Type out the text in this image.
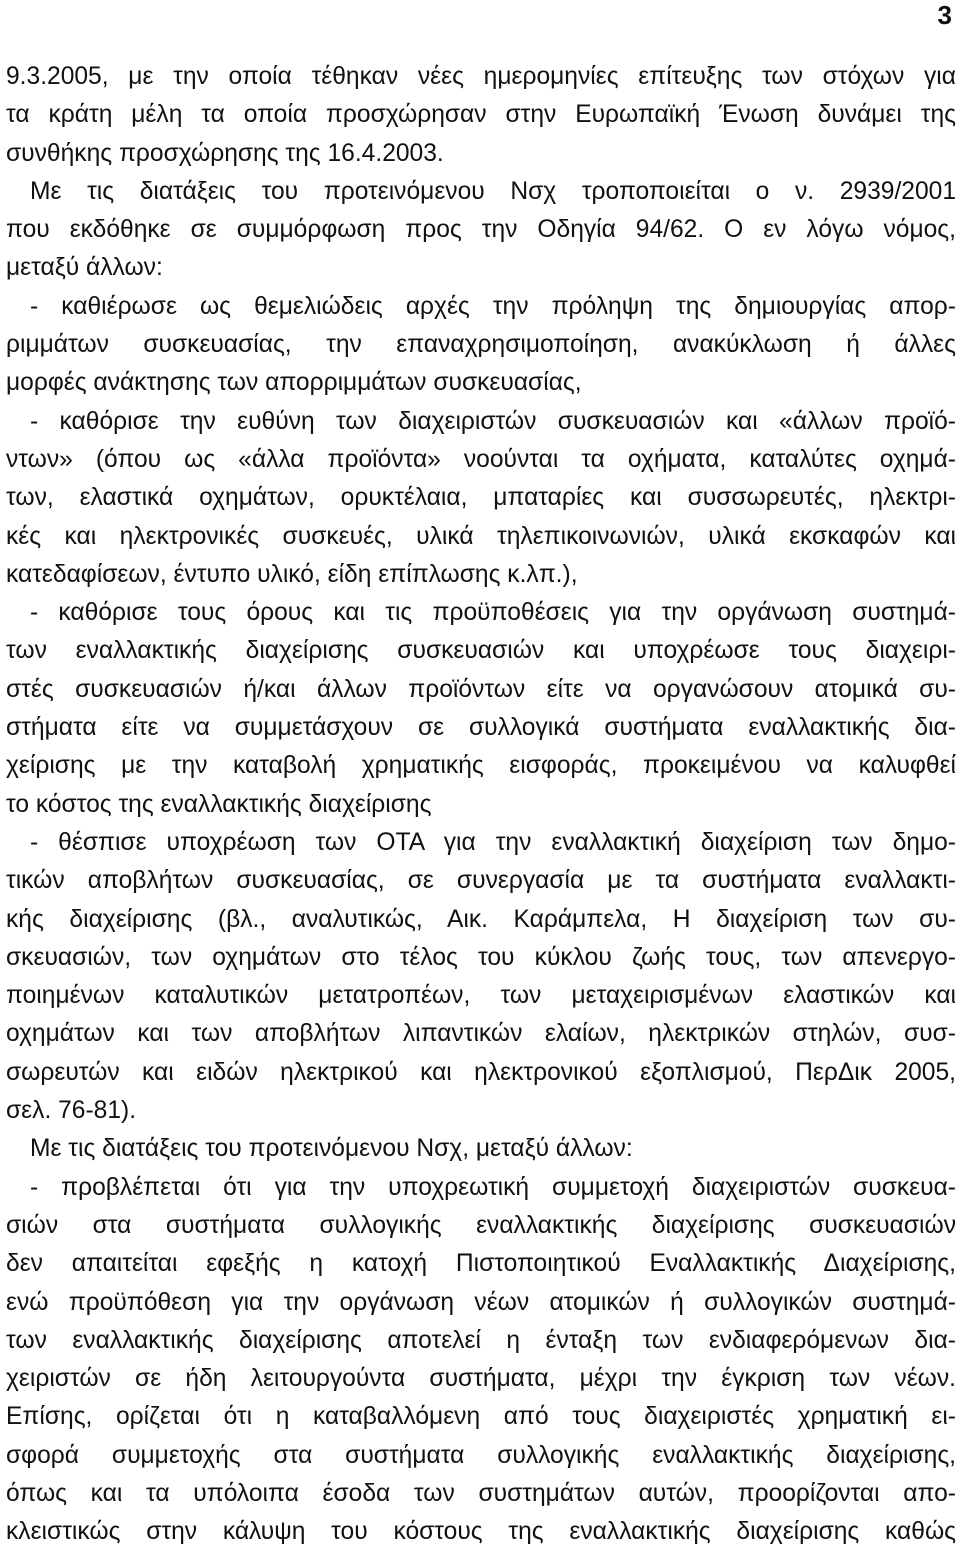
3
9.3.2005, με την οποία τέθηκαν νέες ημερομηνίες επίτευξης των στόχων για
τα κράτη μέλη τα οποία προσχώρησαν στην Ευρωπαϊκή Ένωση δυνάμει της
συνθήκης προσχώρησης της 16.4.2003.
Με τις διατάξεις του προτεινόμενου Νσχ τροποποιείται ο ν. 2939/2001
που εκδόθηκε σε συμμόρφωση προς την Οδηγία 94/62. Ο εν λόγω νόμος,
μεταξύ άλλων:
- καθιέρωσε ως θεμελιώδεις αρχές την πρόληψη της δημιουργίας απορ-
ριμμάτων συσκευασίας, την επαναχρησιμοποίηση, ανακύκλωση ή άλλες
μορφές ανάκτησης των απορριμμάτων συσκευασίας,
- καθόρισε την ευθύνη των διαχειριστών συσκευασιών και «άλλων προϊό-
ντων» (όπου ως «άλλα προϊόντα» νοούνται τα οχήματα, καταλύτες οχημά-
των, ελαστικά οχημάτων, ορυκτέλαια, μπαταρίες και συσσωρευτές, ηλεκτρι-
κές και ηλεκτρονικές συσκευές, υλικά τηλεπικοινωνιών, υλικά εκσκαφών και
κατεδαφίσεων, έντυπο υλικό, είδη επίπλωσης κ.λπ.),
- καθόρισε τους όρους και τις προϋποθέσεις για την οργάνωση συστημά-
των εναλλακτικής διαχείρισης συσκευασιών και υποχρέωσε τους διαχειρι-
στές συσκευασιών ή/και άλλων προϊόντων είτε να οργανώσουν ατομικά συ-
στήματα είτε να συμμετάσχουν σε συλλογικά συστήματα εναλλακτικής δια-
χείρισης με την καταβολή χρηματικής εισφοράς, προκειμένου να καλυφθεί
το κόστος της εναλλακτικής διαχείρισης
- θέσπισε υποχρέωση των ΟΤΑ για την εναλλακτική διαχείριση των δημο-
τικών αποβλήτων συσκευασίας, σε συνεργασία με τα συστήματα εναλλακτι-
κής διαχείρισης (βλ., αναλυτικώς, Αικ. Καράμπελα, Η διαχείριση των συ-
σκευασιών, των οχημάτων στο τέλος του κύκλου ζωής τους, των απενεργο-
ποιημένων καταλυτικών μετατροπέων, των μεταχειρισμένων ελαστικών και
οχημάτων και των αποβλήτων λιπαντικών ελαίων, ηλεκτρικών στηλών, συσ-
σωρευτών και ειδών ηλεκτρικού και ηλεκτρονικού εξοπλισμού, ΠερΔικ 2005,
σελ. 76-81).
Με τις διατάξεις του προτεινόμενου Νσχ, μεταξύ άλλων:
- προβλέπεται ότι για την υποχρεωτική συμμετοχή διαχειριστών συσκευα-
σιών στα συστήματα συλλογικής εναλλακτικής διαχείρισης συσκευασιών
δεν απαιτείται εφεξής η κατοχή Πιστοποιητικού Εναλλακτικής Διαχείρισης,
ενώ προϋπόθεση για την οργάνωση νέων ατομικών ή συλλογικών συστημά-
των εναλλακτικής διαχείρισης αποτελεί η ένταξη των ενδιαφερόμενων δια-
χειριστών σε ήδη λειτουργούντα συστήματα, μέχρι την έγκριση των νέων.
Επίσης, ορίζεται ότι η καταβαλλόμενη από τους διαχειριστές χρηματική ει-
σφορά συμμετοχής στα συστήματα συλλογικής εναλλακτικής διαχείρισης,
όπως και τα υπόλοιπα έσοδα των συστημάτων αυτών, προορίζονται απο-
κλειστικώς στην κάλυψη του κόστους της εναλλακτικής διαχείρισης καθώς
